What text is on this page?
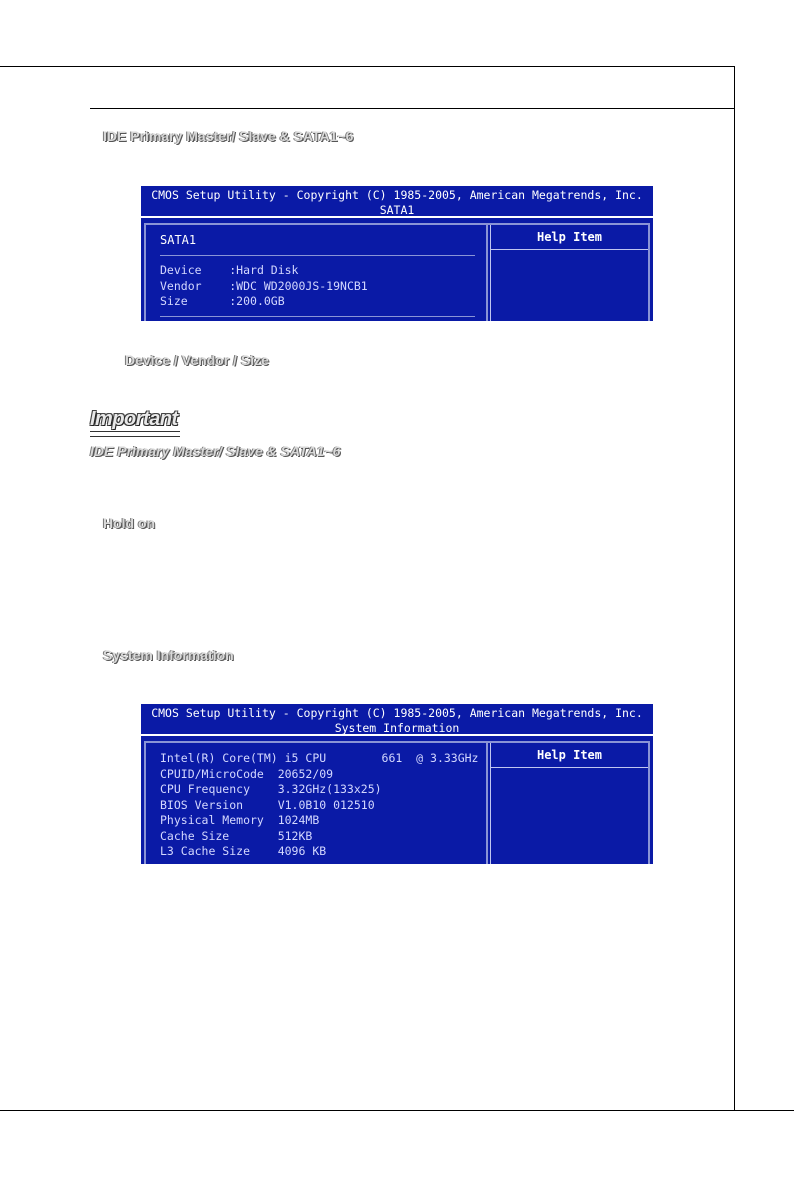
IDE Primary Master/ Slave & SATA1~6
CMOS Setup Utility - Copyright (C) 1985-2005, American Megatrends, Inc.
SATA1
SATA1
Device    :Hard Disk
Vendor    :WDC WD2000JS-19NCB1
Size      :200.0GB
Help Item
Device / Vendor / Size
Important
IDE Primary Master/ Slave & SATA1~6
Hold on
System Information
CMOS Setup Utility - Copyright (C) 1985-2005, American Megatrends, Inc.
System Information
Intel(R) Core(TM) i5 CPU        661  @ 3.33GHz
CPUID/MicroCode  20652/09
CPU Frequency    3.32GHz(133x25)
BIOS Version     V1.0B10 012510
Physical Memory  1024MB
Cache Size       512KB
L3 Cache Size    4096 KB
Help Item
